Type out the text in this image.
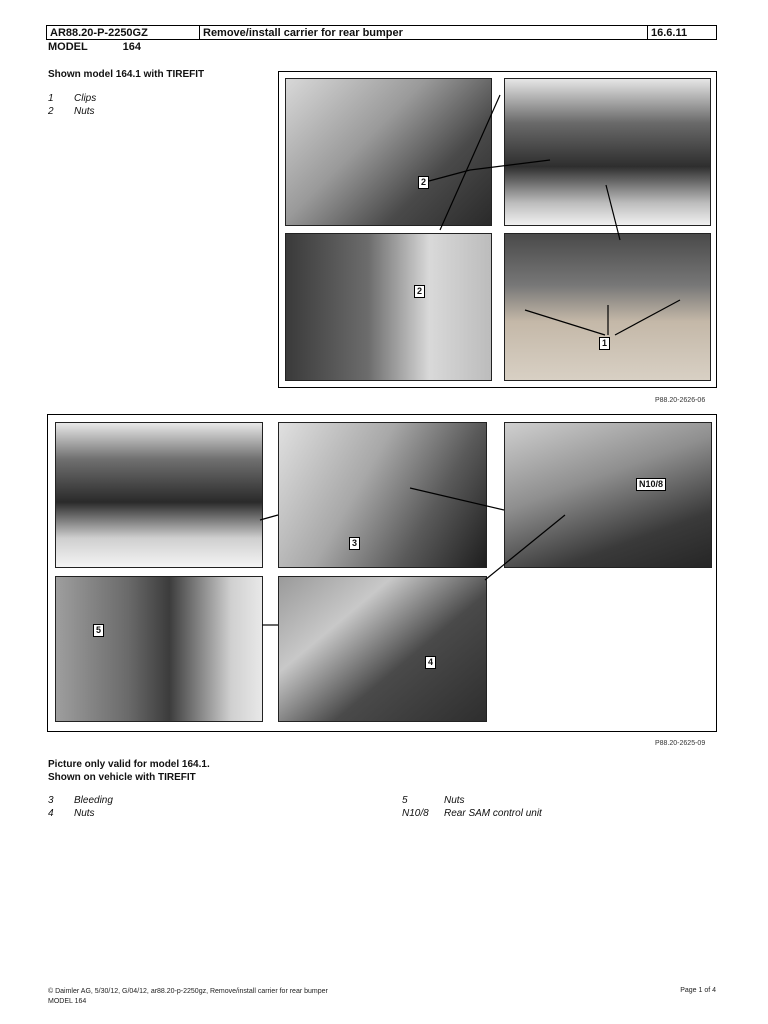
AR88.20-P-2250GZ	Remove/install carrier for rear bumper	16.6.11
MODEL	164
Shown model 164.1 with TIREFIT
1 Clips
2 Nuts
2
2
1
P88.20-2626-06
3
N10/8
5
4
P88.20-2625-09
Picture only valid for model 164.1.
Shown on vehicle with TIREFIT
3 Bleeding
4 Nuts
5	Nuts
N10/8 Rear SAM control unit
© Daimler AG, 5/30/12, G/04/12, ar88.20-p-2250gz, Remove/install carrier for rear bumper
MODEL 164
Page 1 of 4
